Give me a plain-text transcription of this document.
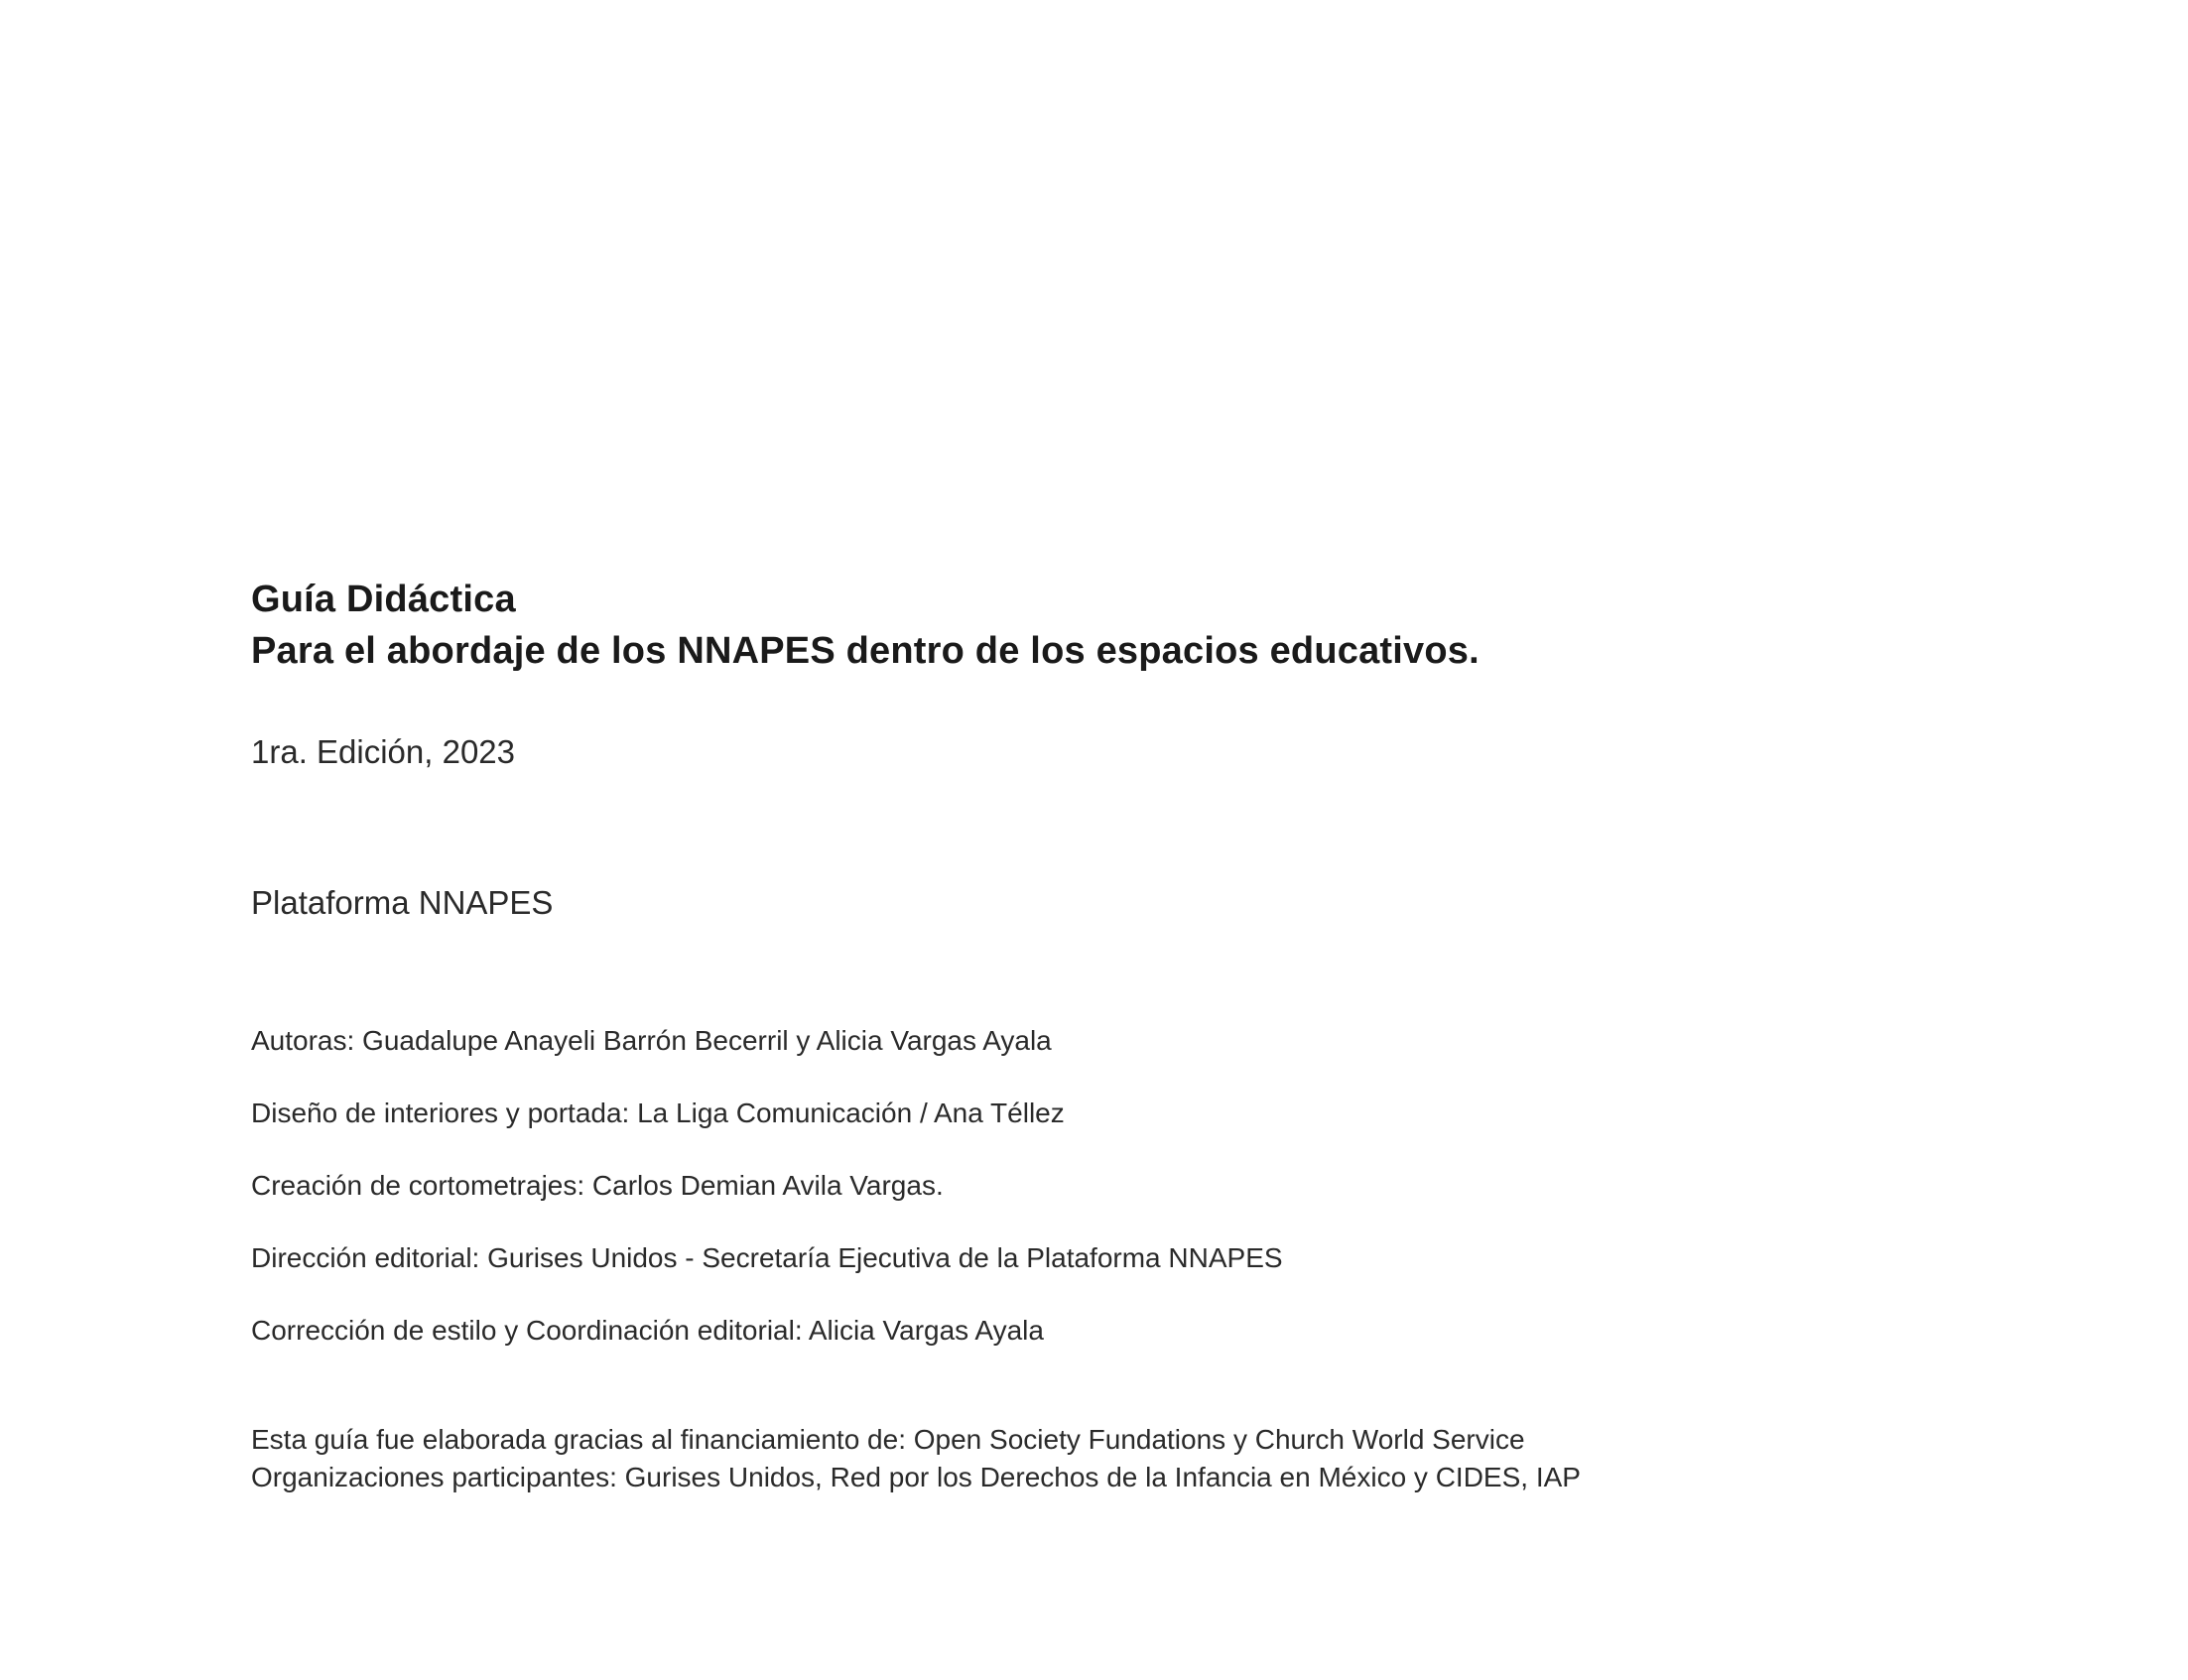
Guía Didáctica
Para el abordaje de los NNAPES dentro de los espacios educativos.
1ra. Edición, 2023
Plataforma NNAPES

Autoras: Guadalupe Anayeli Barrón Becerril y Alicia Vargas Ayala

Diseño de interiores y portada: La Liga Comunicación / Ana Téllez

Creación de cortometrajes: Carlos Demian Avila Vargas.

Dirección editorial: Gurises Unidos - Secretaría Ejecutiva de la Plataforma NNAPES

Corrección de estilo y Coordinación editorial: Alicia Vargas Ayala

Esta guía fue elaborada gracias al financiamiento de: Open Society Fundations y Church World Service

Organizaciones participantes: Gurises Unidos, Red por los Derechos de la Infancia en México y CIDES, IAP
